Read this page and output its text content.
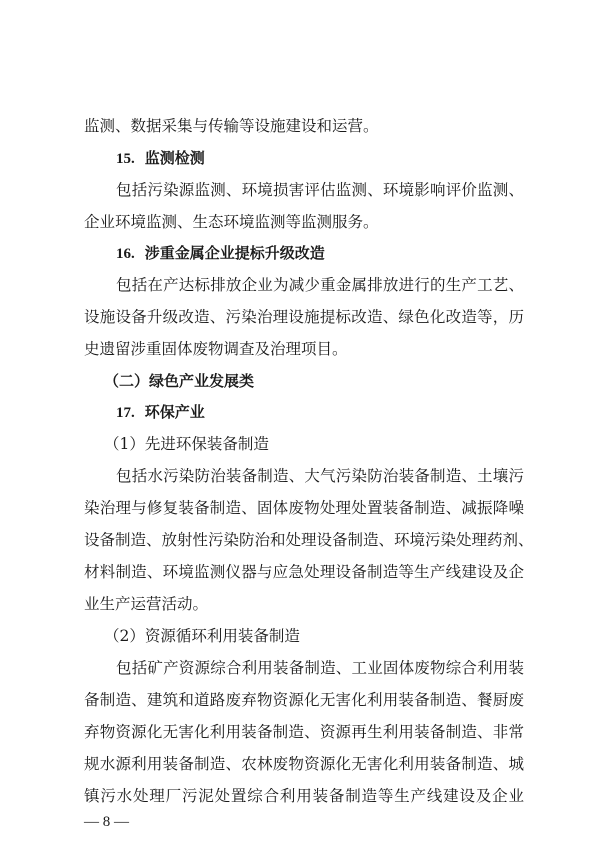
监测、数据采集与传输等设施建设和运营。
15. 监测检测
包括污染源监测、环境损害评估监测、环境影响评价监测、
企业环境监测、生态环境监测等监测服务。
16. 涉重金属企业提标升级改造
包括在产达标排放企业为减少重金属排放进行的生产工艺、
设施设备升级改造、污染治理设施提标改造、绿色化改造等，历
史遗留涉重固体废物调查及治理项目。
（二）绿色产业发展类
17. 环保产业
（1）先进环保装备制造
包括水污染防治装备制造、大气污染防治装备制造、土壤污
染治理与修复装备制造、固体废物处理处置装备制造、减振降噪
设备制造、放射性污染防治和处理设备制造、环境污染处理药剂、
材料制造、环境监测仪器与应急处理设备制造等生产线建设及企
业生产运营活动。
（2）资源循环利用装备制造
包括矿产资源综合利用装备制造、工业固体废物综合利用装
备制造、建筑和道路废弃物资源化无害化利用装备制造、餐厨废
弃物资源化无害化利用装备制造、资源再生利用装备制造、非常
规水源利用装备制造、农林废物资源化无害化利用装备制造、城
镇污水处理厂污泥处置综合利用装备制造等生产线建设及企业
— 8 —
